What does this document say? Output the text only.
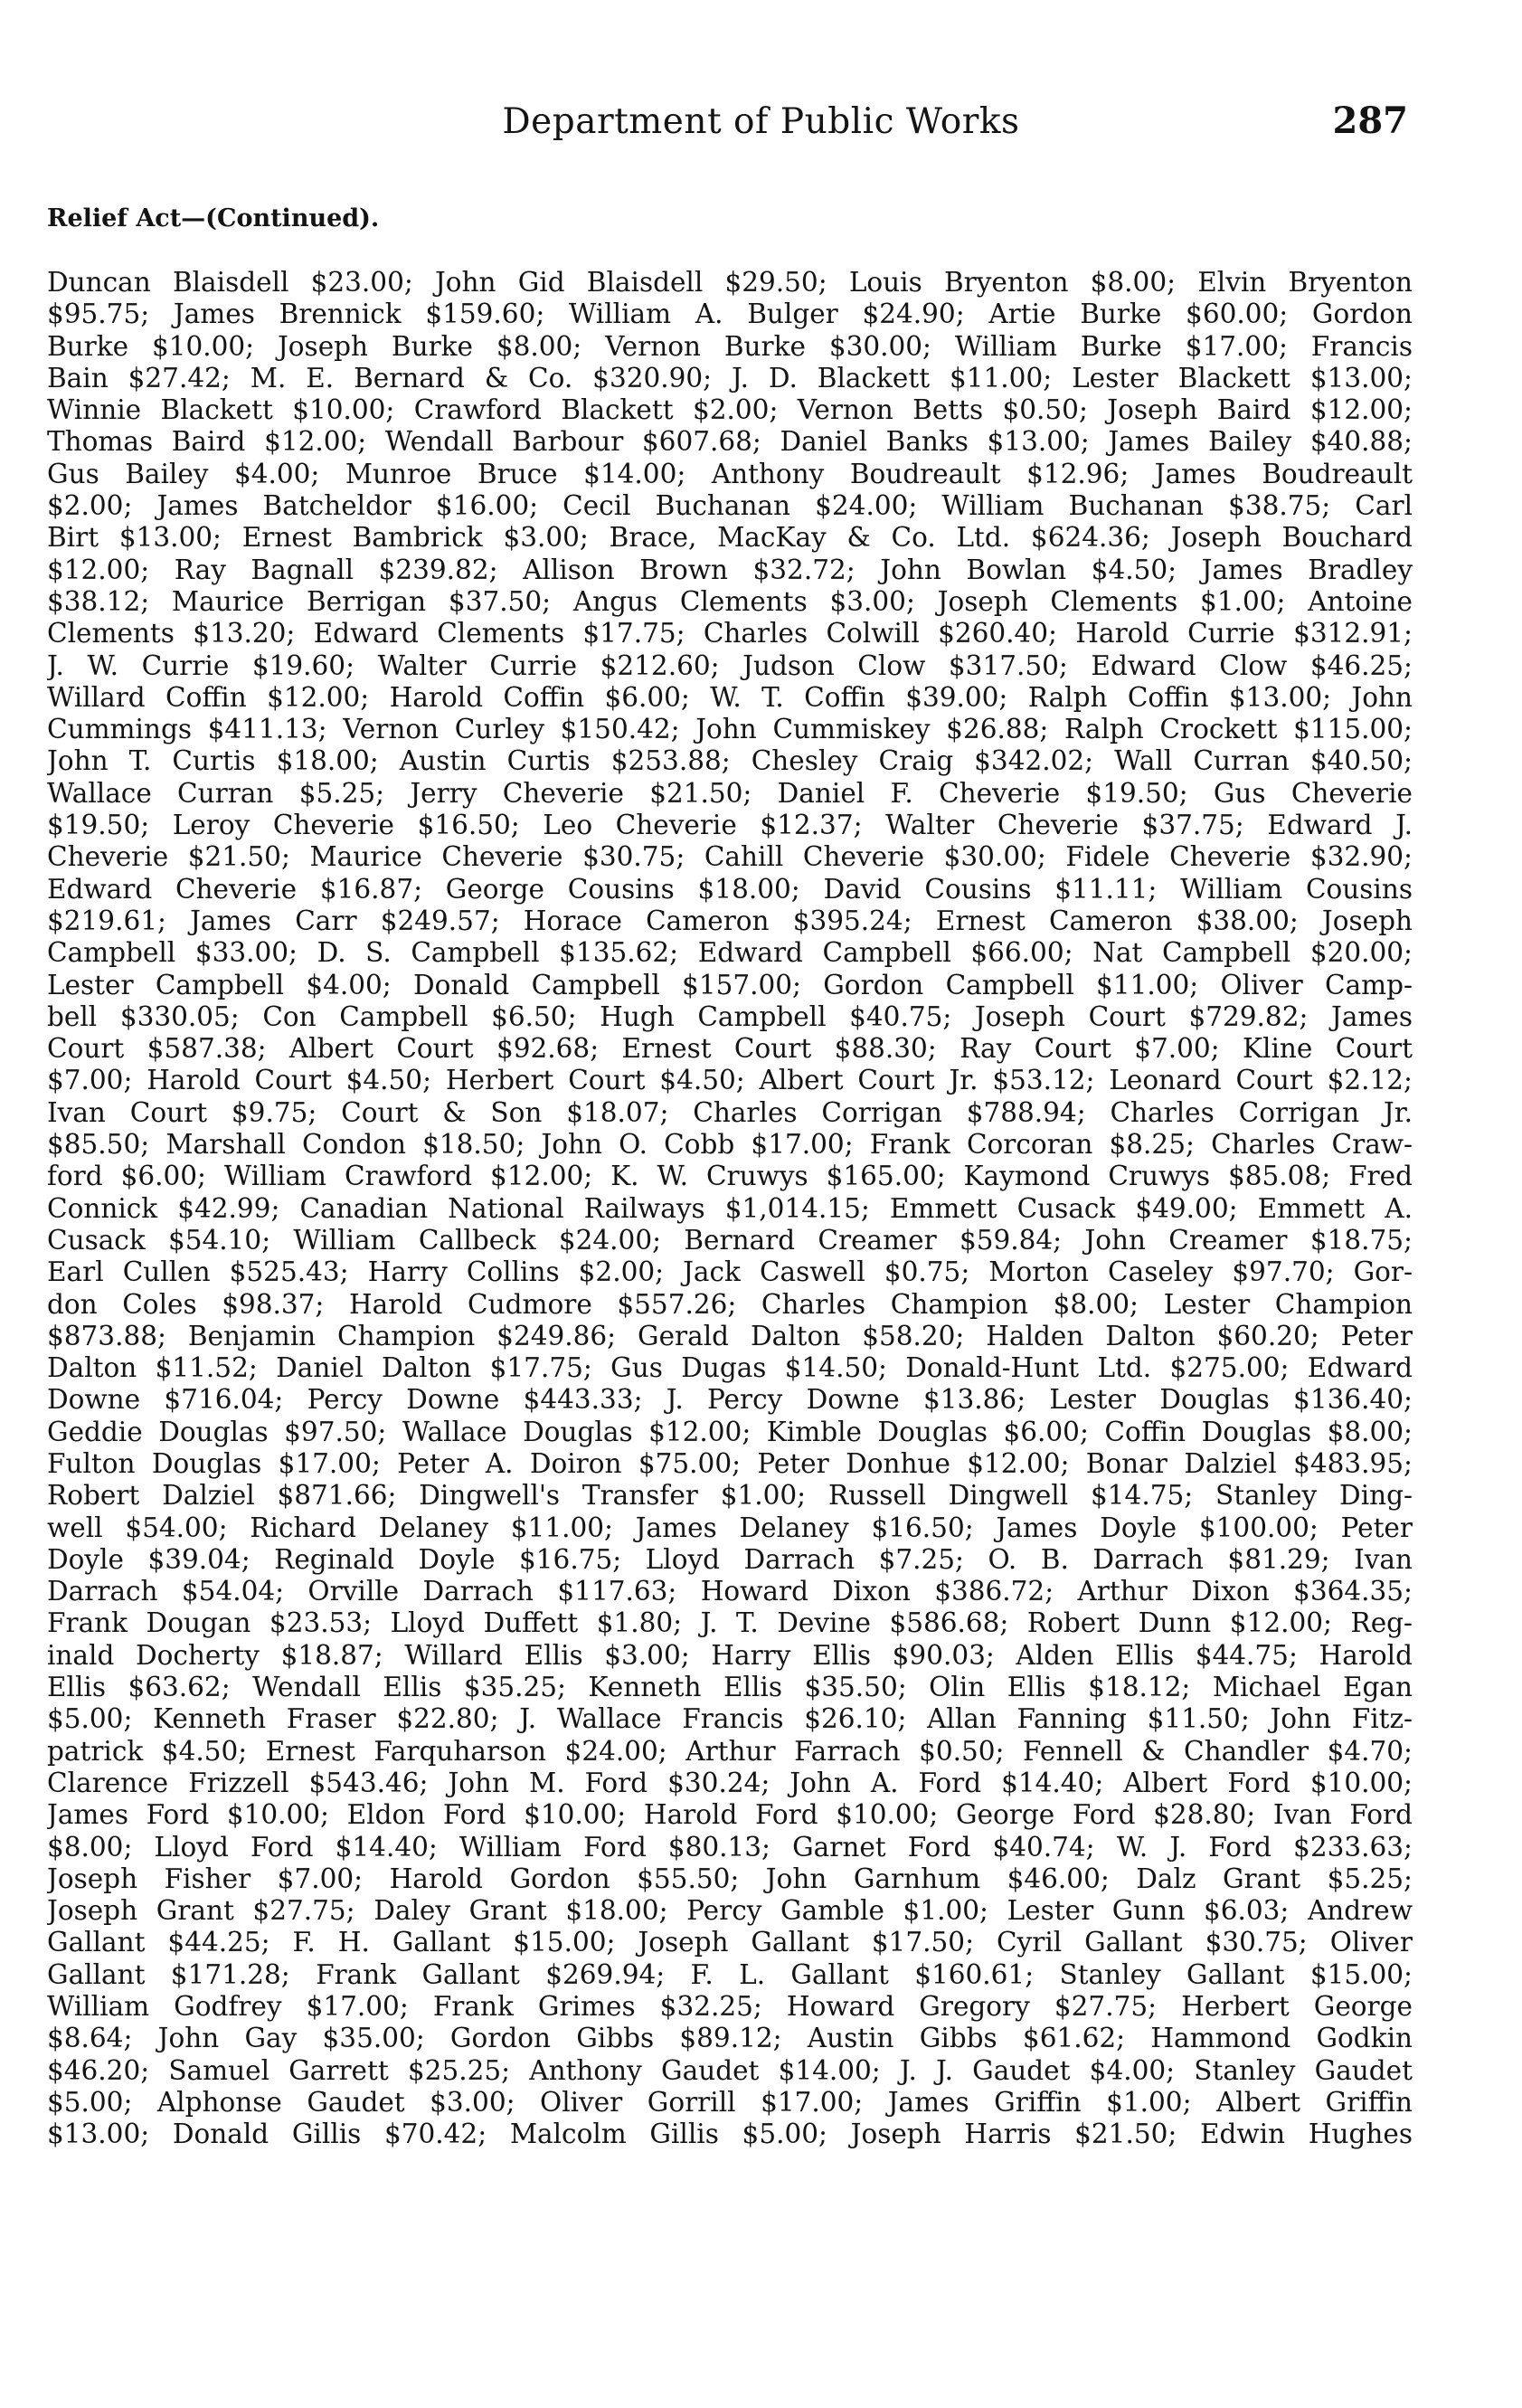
Department of Public Works	287
Relief Act—(Continued).
Duncan Blaisdell $23.00; John Gid Blaisdell $29.50; Louis Bryenton $8.00; Elvin Bryenton
$95.75; James Brennick $159.60; William A. Bulger $24.90; Artie Burke $60.00; Gordon
Burke $10.00; Joseph Burke $8.00; Vernon Burke $30.00; William Burke $17.00; Francis
Bain $27.42; M. E. Bernard & Co. $320.90; J. D. Blackett $11.00; Lester Blackett $13.00;
Winnie Blackett $10.00; Crawford Blackett $2.00; Vernon Betts $0.50; Joseph Baird $12.00;
Thomas Baird $12.00; Wendall Barbour $607.68; Daniel Banks $13.00; James Bailey $40.88;
Gus Bailey $4.00; Munroe Bruce $14.00; Anthony Boudreault $12.96; James Boudreault
$2.00; James Batcheldor $16.00; Cecil Buchanan $24.00; William Buchanan $38.75; Carl
Birt $13.00; Ernest Bambrick $3.00; Brace, MacKay & Co. Ltd. $624.36; Joseph Bouchard
$12.00; Ray Bagnall $239.82; Allison Brown $32.72; John Bowlan $4.50; James Bradley
$38.12; Maurice Berrigan $37.50; Angus Clements $3.00; Joseph Clements $1.00; Antoine
Clements $13.20; Edward Clements $17.75; Charles Colwill $260.40; Harold Currie $312.91;
J. W. Currie $19.60; Walter Currie $212.60; Judson Clow $317.50; Edward Clow $46.25;
Willard Coffin $12.00; Harold Coffin $6.00; W. T. Coffin $39.00; Ralph Coffin $13.00; John
Cummings $411.13; Vernon Curley $150.42; John Cummiskey $26.88; Ralph Crockett $115.00;
John T. Curtis $18.00; Austin Curtis $253.88; Chesley Craig $342.02; Wall Curran $40.50;
Wallace Curran $5.25; Jerry Cheverie $21.50; Daniel F. Cheverie $19.50; Gus Cheverie
$19.50; Leroy Cheverie $16.50; Leo Cheverie $12.37; Walter Cheverie $37.75; Edward J.
Cheverie $21.50; Maurice Cheverie $30.75; Cahill Cheverie $30.00; Fidele Cheverie $32.90;
Edward Cheverie $16.87; George Cousins $18.00; David Cousins $11.11; William Cousins
$219.61; James Carr $249.57; Horace Cameron $395.24; Ernest Cameron $38.00; Joseph
Campbell $33.00; D. S. Campbell $135.62; Edward Campbell $66.00; Nat Campbell $20.00;
Lester Campbell $4.00; Donald Campbell $157.00; Gordon Campbell $11.00; Oliver Camp-
bell $330.05; Con Campbell $6.50; Hugh Campbell $40.75; Joseph Court $729.82; James
Court $587.38; Albert Court $92.68; Ernest Court $88.30; Ray Court $7.00; Kline Court
$7.00; Harold Court $4.50; Herbert Court $4.50; Albert Court Jr. $53.12; Leonard Court $2.12;
Ivan Court $9.75; Court & Son $18.07; Charles Corrigan $788.94; Charles Corrigan Jr.
$85.50; Marshall Condon $18.50; John O. Cobb $17.00; Frank Corcoran $8.25; Charles Craw-
ford $6.00; William Crawford $12.00; K. W. Cruwys $165.00; Kaymond Cruwys $85.08; Fred
Connick $42.99; Canadian National Railways $1,014.15; Emmett Cusack $49.00; Emmett A.
Cusack $54.10; William Callbeck $24.00; Bernard Creamer $59.84; John Creamer $18.75;
Earl Cullen $525.43; Harry Collins $2.00; Jack Caswell $0.75; Morton Caseley $97.70; Gor-
don Coles $98.37; Harold Cudmore $557.26; Charles Champion $8.00; Lester Champion
$873.88; Benjamin Champion $249.86; Gerald Dalton $58.20; Halden Dalton $60.20; Peter
Dalton $11.52; Daniel Dalton $17.75; Gus Dugas $14.50; Donald-Hunt Ltd. $275.00; Edward
Downe $716.04; Percy Downe $443.33; J. Percy Downe $13.86; Lester Douglas $136.40;
Geddie Douglas $97.50; Wallace Douglas $12.00; Kimble Douglas $6.00; Coffin Douglas $8.00;
Fulton Douglas $17.00; Peter A. Doiron $75.00; Peter Donhue $12.00; Bonar Dalziel $483.95;
Robert Dalziel $871.66; Dingwell's Transfer $1.00; Russell Dingwell $14.75; Stanley Ding-
well $54.00; Richard Delaney $11.00; James Delaney $16.50; James Doyle $100.00; Peter
Doyle $39.04; Reginald Doyle $16.75; Lloyd Darrach $7.25; O. B. Darrach $81.29; Ivan
Darrach $54.04; Orville Darrach $117.63; Howard Dixon $386.72; Arthur Dixon $364.35;
Frank Dougan $23.53; Lloyd Duffett $1.80; J. T. Devine $586.68; Robert Dunn $12.00; Reg-
inald Docherty $18.87; Willard Ellis $3.00; Harry Ellis $90.03; Alden Ellis $44.75; Harold
Ellis $63.62; Wendall Ellis $35.25; Kenneth Ellis $35.50; Olin Ellis $18.12; Michael Egan
$5.00; Kenneth Fraser $22.80; J. Wallace Francis $26.10; Allan Fanning $11.50; John Fitz-
patrick $4.50; Ernest Farquharson $24.00; Arthur Farrach $0.50; Fennell & Chandler $4.70;
Clarence Frizzell $543.46; John M. Ford $30.24; John A. Ford $14.40; Albert Ford $10.00;
James Ford $10.00; Eldon Ford $10.00; Harold Ford $10.00; George Ford $28.80; Ivan Ford
$8.00; Lloyd Ford $14.40; William Ford $80.13; Garnet Ford $40.74; W. J. Ford $233.63;
Joseph Fisher $7.00; Harold Gordon $55.50; John Garnhum $46.00; Dalz Grant $5.25;
Joseph Grant $27.75; Daley Grant $18.00; Percy Gamble $1.00; Lester Gunn $6.03; Andrew
Gallant $44.25; F. H. Gallant $15.00; Joseph Gallant $17.50; Cyril Gallant $30.75; Oliver
Gallant $171.28; Frank Gallant $269.94; F. L. Gallant $160.61; Stanley Gallant $15.00;
William Godfrey $17.00; Frank Grimes $32.25; Howard Gregory $27.75; Herbert George
$8.64; John Gay $35.00; Gordon Gibbs $89.12; Austin Gibbs $61.62; Hammond Godkin
$46.20; Samuel Garrett $25.25; Anthony Gaudet $14.00; J. J. Gaudet $4.00; Stanley Gaudet
$5.00; Alphonse Gaudet $3.00; Oliver Gorrill $17.00; James Griffin $1.00; Albert Griffin
$13.00; Donald Gillis $70.42; Malcolm Gillis $5.00; Joseph Harris $21.50; Edwin Hughes
